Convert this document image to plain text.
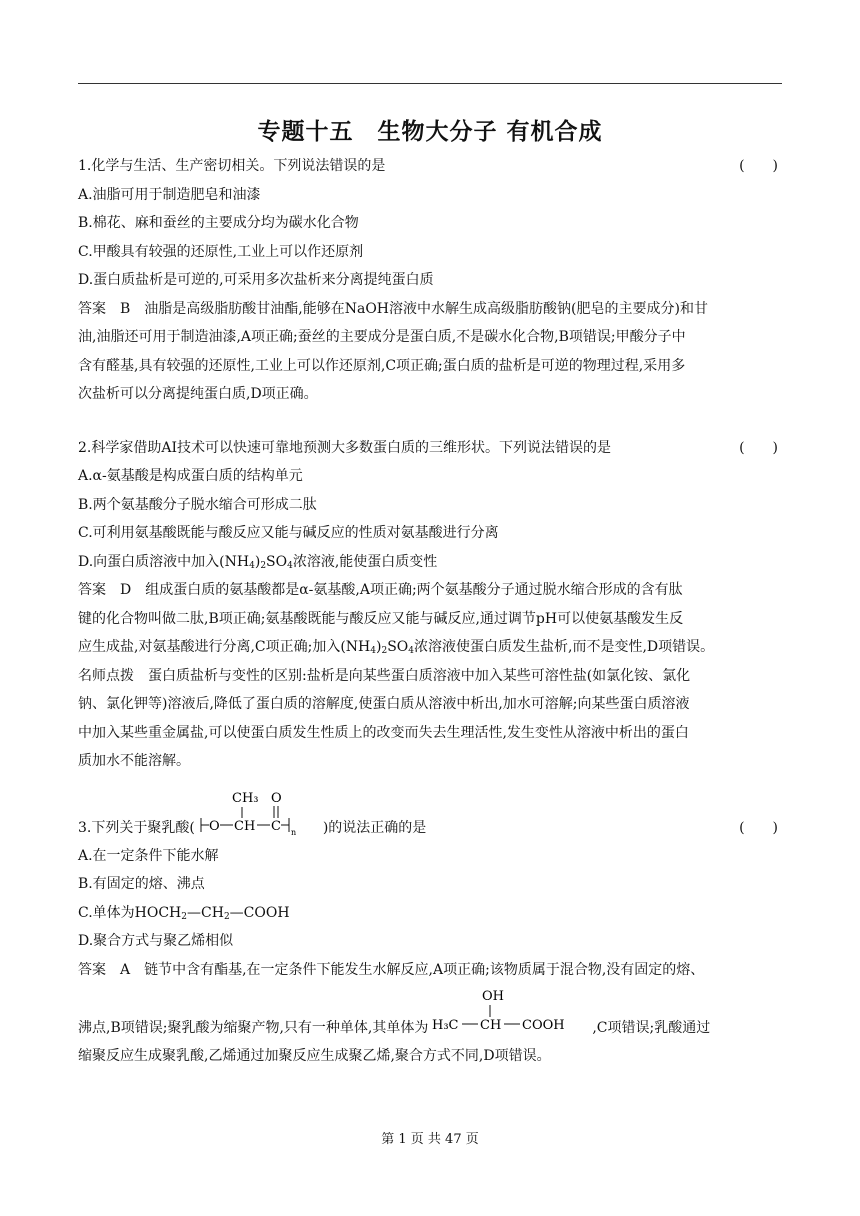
专题十五　生物大分子 有机合成
1.化学与生活、生产密切相关。下列说法错误的是	(　　)
A.油脂可用于制造肥皂和油漆
B.棉花、麻和蚕丝的主要成分均为碳水化合物
C.甲酸具有较强的还原性,工业上可以作还原剂
D.蛋白质盐析是可逆的,可采用多次盐析来分离提纯蛋白质
答案　B　油脂是高级脂肪酸甘油酯,能够在NaOH溶液中水解生成高级脂肪酸钠(肥皂的主要成分)和甘
油,油脂还可用于制造油漆,A项正确;蚕丝的主要成分是蛋白质,不是碳水化合物,B项错误;甲酸分子中
含有醛基,具有较强的还原性,工业上可以作还原剂,C项正确;蛋白质的盐析是可逆的物理过程,采用多
次盐析可以分离提纯蛋白质,D项正确。
2.科学家借助AI技术可以快速可靠地预测大多数蛋白质的三维形状。下列说法错误的是	(　　)
A.α-氨基酸是构成蛋白质的结构单元
B.两个氨基酸分子脱水缩合可形成二肽
C.可利用氨基酸既能与酸反应又能与碱反应的性质对氨基酸进行分离
D.向蛋白质溶液中加入$(NH_4)_2SO_4$浓溶液,能使蛋白质变性
答案　D　组成蛋白质的氨基酸都是α-氨基酸,A项正确;两个氨基酸分子通过脱水缩合形成的含有肽
键的化合物叫做二肽,B项正确;氨基酸既能与酸反应又能与碱反应,通过调节pH可以使氨基酸发生反
应生成盐,对氨基酸进行分离,C项正确;加入$(NH_4)_2SO_4$浓溶液使蛋白质发生盐析,而不是变性,D项错误。
名师点拨　蛋白质盐析与变性的区别:盐析是向某些蛋白质溶液中加入某些可溶性盐(如氯化铵、氯化
钠、氯化钾等)溶液后,降低了蛋白质的溶解度,使蛋白质从溶液中析出,加水可溶解;向某些蛋白质溶液
中加入某些重金属盐,可以使蛋白质发生性质上的改变而失去生理活性,发生变性从溶液中析出的蛋白
质加水不能溶解。
3.下列关于聚乳酸( O CH
CH₃
C
O
n )的说法正确的是	(　　)
A.在一定条件下能水解
B.有固定的熔、沸点
C.单体为$HOCH_2—CH_2—COOH$
D.聚合方式与聚乙烯相似
答案　A　链节中含有酯基,在一定条件下能发生水解反应,A项正确;该物质属于混合物,没有固定的熔、
沸点,B项错误;聚乳酸为缩聚产物,只有一种单体,其单体为
OH
H₃C CH COOH ,C项错误;乳酸通过
缩聚反应生成聚乳酸,乙烯通过加聚反应生成聚乙烯,聚合方式不同,D项错误。
第 1 页 共 47 页
